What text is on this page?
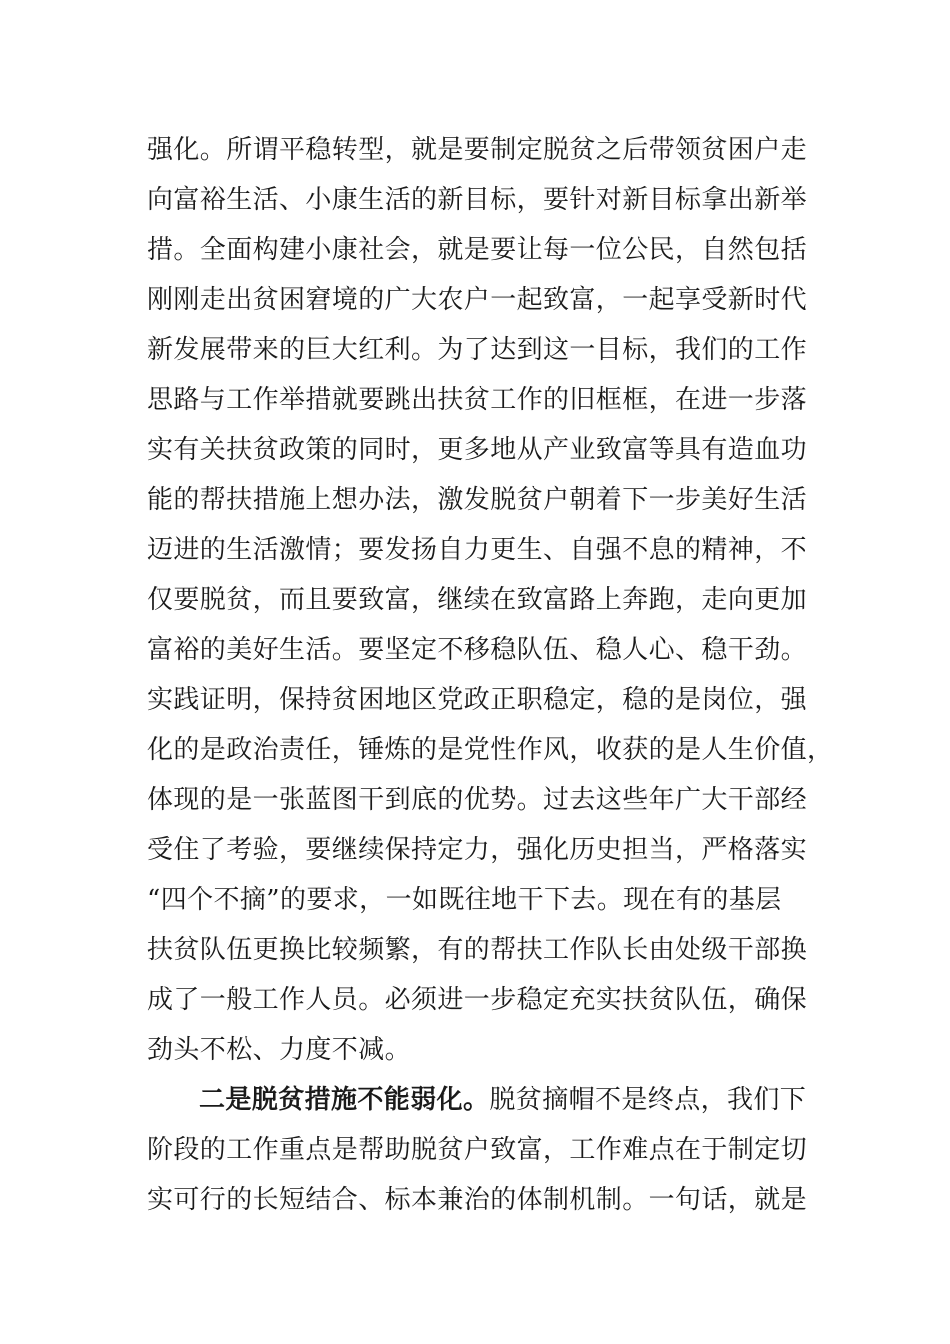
强化。所谓平稳转型，就是要制定脱贫之后带领贫困户走
向富裕生活、小康生活的新目标，要针对新目标拿出新举
措。全面构建小康社会，就是要让每一位公民，自然包括
刚刚走出贫困窘境的广大农户一起致富，一起享受新时代
新发展带来的巨大红利。为了达到这一目标，我们的工作
思路与工作举措就要跳出扶贫工作的旧框框，在进一步落
实有关扶贫政策的同时，更多地从产业致富等具有造血功
能的帮扶措施上想办法，激发脱贫户朝着下一步美好生活
迈进的生活激情；要发扬自力更生、自强不息的精神，不
仅要脱贫，而且要致富，继续在致富路上奔跑，走向更加
富裕的美好生活。要坚定不移稳队伍、稳人心、稳干劲。
实践证明，保持贫困地区党政正职稳定，稳的是岗位，强
化的是政治责任，锤炼的是党性作风，收获的是人生价值，
体现的是一张蓝图干到底的优势。过去这些年广大干部经
受住了考验，要继续保持定力，强化历史担当，严格落实
“四个不摘”的要求，一如既往地干下去。现在有的基层
扶贫队伍更换比较频繁，有的帮扶工作队长由处级干部换
成了一般工作人员。必须进一步稳定充实扶贫队伍，确保
劲头不松、力度不减。
二是脱贫措施不能弱化。脱贫摘帽不是终点，我们下
阶段的工作重点是帮助脱贫户致富，工作难点在于制定切
实可行的长短结合、标本兼治的体制机制。一句话，就是
